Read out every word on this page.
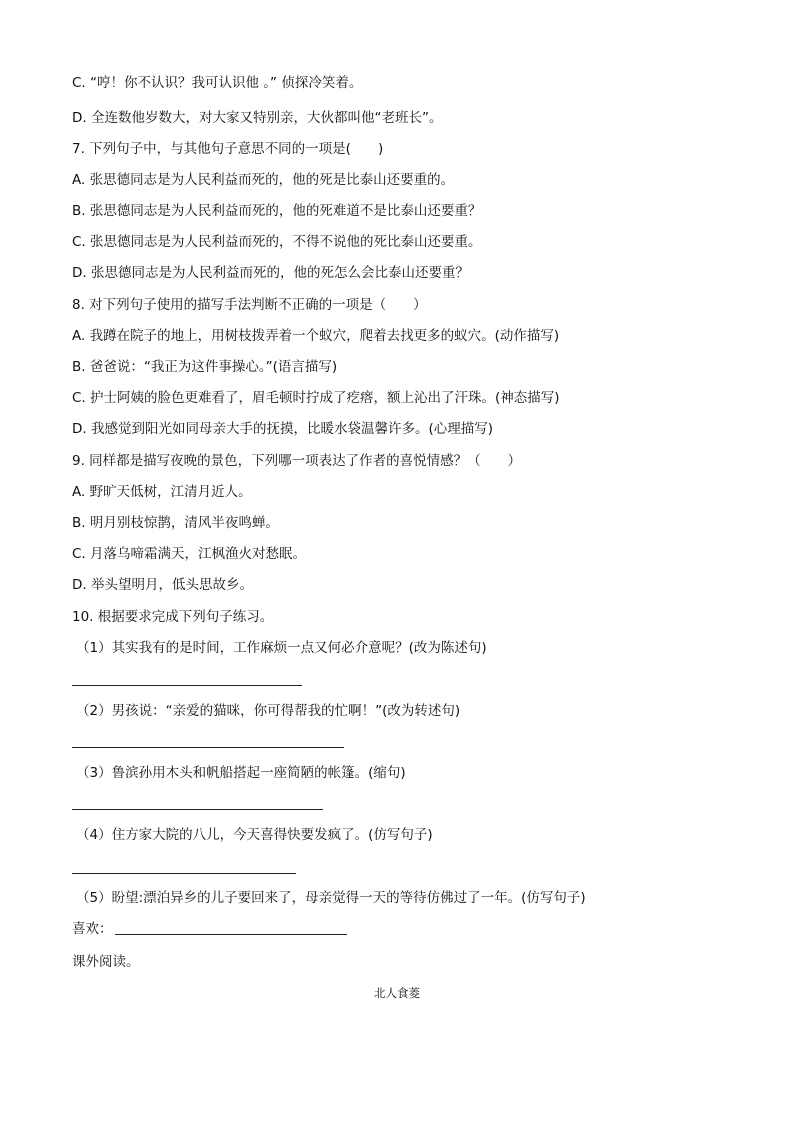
C. “哼！你不认识？我可认识他 。” 侦探冷笑着。
D. 全连数他岁数大，对大家又特别亲，大伙都叫他“老班长”。
7. 下列句子中，与其他句子意思不同的一项是(　　)
A. 张思德同志是为人民利益而死的，他的死是比泰山还要重的。
B. 张思德同志是为人民利益而死的，他的死难道不是比泰山还要重？
C. 张思德同志是为人民利益而死的，不得不说他的死比泰山还要重。
D. 张思德同志是为人民利益而死的，他的死怎么会比泰山还要重？
8. 对下列句子使用的描写手法判断不正确的一项是（　　）
A. 我蹲在院子的地上，用树枝拨弄着一个蚁穴，爬着去找更多的蚁穴。(动作描写)
B. 爸爸说：“我正为这件事操心。”(语言描写)
C. 护士阿姨的脸色更难看了，眉毛顿时拧成了疙瘩，额上沁出了汗珠。(神态描写)
D. 我感觉到阳光如同母亲大手的抚摸，比暖水袋温馨许多。(心理描写)
9. 同样都是描写夜晚的景色，下列哪一项表达了作者的喜悦情感？（　　）
A. 野旷天低树，江清月近人。
B. 明月别枝惊鹊，清风半夜鸣蝉。
C. 月落乌啼霜满天，江枫渔火对愁眠。
D. 举头望明月，低头思故乡。
10. 根据要求完成下列句子练习。
（1）其实我有的是时间，工作麻烦一点又何必介意呢？(改为陈述句)
（2）男孩说：“亲爱的猫咪，你可得帮我的忙啊！”(改为转述句)
（3）鲁滨孙用木头和帆船搭起一座简陋的帐篷。(缩句)
（4）住方家大院的八儿，今天喜得快要发疯了。(仿写句子)
（5）盼望:漂泊异乡的儿子要回来了，母亲觉得一天的等待仿佛过了一年。(仿写句子)
喜欢：
课外阅读。
北人食菱
